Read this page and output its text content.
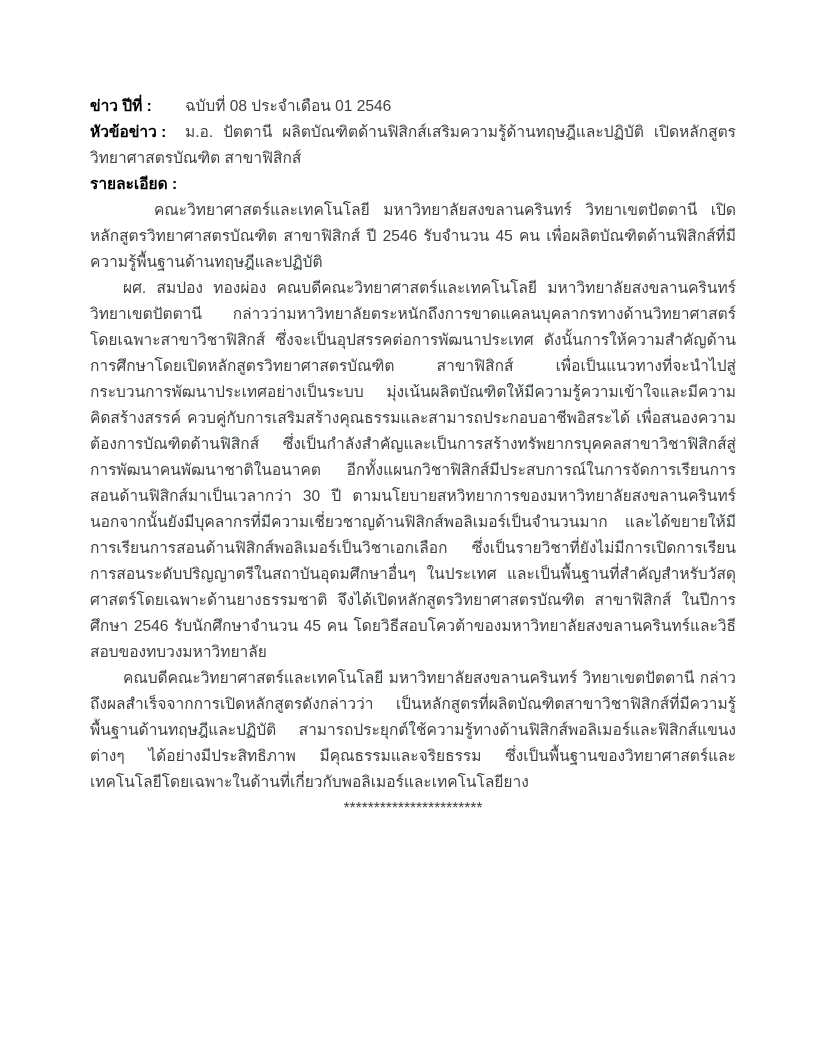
ข่าว ปีที่ : ฉบับที่ 08 ประจำเดือน 01 2546
หัวข้อข่าว : ม.อ. ปัตตานี ผลิตบัณฑิตด้านฟิสิกส์เสริมความรู้ด้านทฤษฎีและปฏิบัติ เปิดหลักสูตรวิทยาศาสตรบัณฑิต สาขาฟิสิกส์
รายละเอียด :

คณะวิทยาศาสตร์และเทคโนโลยี มหาวิทยาลัยสงขลานครินทร์ วิทยาเขตปัตตานี เปิดหลักสูตรวิทยาศาสตรบัณฑิต สาขาฟิสิกส์ ปี 2546 รับจำนวน 45 คน เพื่อผลิตบัณฑิตด้านฟิสิกส์ที่มีความรู้พื้นฐานด้านทฤษฎีและปฏิบัติ

ผศ. สมปอง ทองผ่อง คณบดีคณะวิทยาศาสตร์และเทคโนโลยี มหาวิทยาลัยสงขลานครินทร์ วิทยาเขตปัตตานี กล่าวว่ามหาวิทยาลัยตระหนักถึงการขาดแคลนบุคลากรทางด้านวิทยาศาสตร์โดยเฉพาะสาขาวิชาฟิสิกส์ ซึ่งจะเป็นอุปสรรคต่อการพัฒนาประเทศ ดังนั้นการให้ความสำคัญด้านการศึกษาโดยเปิดหลักสูตรวิทยาศาสตรบัณฑิต สาขาฟิสิกส์ เพื่อเป็นแนวทางที่จะนำไปสู่กระบวนการพัฒนาประเทศอย่างเป็นระบบ มุ่งเน้นผลิตบัณฑิตให้มีความรู้ความเข้าใจและมีความคิดสร้างสรรค์ ควบคู่กับการเสริมสร้างคุณธรรมและสามารถประกอบอาชีพอิสระได้ เพื่อสนองความต้องการบัณฑิตด้านฟิสิกส์ ซึ่งเป็นกำลังสำคัญและเป็นการสร้างทรัพยากรบุคคลสาขาวิชาฟิสิกส์สู่การพัฒนาคนพัฒนาชาติในอนาคต อีกทั้งแผนกวิชาฟิสิกส์มีประสบการณ์ในการจัดการเรียนการสอนด้านฟิสิกส์มาเป็นเวลากว่า 30 ปี ตามนโยบายสหวิทยาการของมหาวิทยาลัยสงขลานครินทร์ นอกจากนั้นยังมีบุคลากรที่มีความเชี่ยวชาญด้านฟิสิกส์พอลิเมอร์เป็นจำนวนมาก และได้ขยายให้มีการเรียนการสอนด้านฟิสิกส์พอลิเมอร์เป็นวิชาเอกเลือก ซึ่งเป็นรายวิชาที่ยังไม่มีการเปิดการเรียนการสอนระดับปริญญาตรีในสถาบันอุดมศึกษาอื่นๆ ในประเทศ และเป็นพื้นฐานที่สำคัญสำหรับวัสดุศาสตร์โดยเฉพาะด้านยางธรรมชาติ จึงได้เปิดหลักสูตรวิทยาศาสตรบัณฑิต สาขาฟิสิกส์ ในปีการศึกษา 2546 รับนักศึกษาจำนวน 45 คน โดยวิธีสอบโควต้าของมหาวิทยาลัยสงขลานครินทร์และวิธีสอบของทบวงมหาวิทยาลัย

คณบดีคณะวิทยาศาสตร์และเทคโนโลยี มหาวิทยาลัยสงขลานครินทร์ วิทยาเขตปัตตานี กล่าวถึงผลสำเร็จจากการเปิดหลักสูตรดังกล่าวว่า เป็นหลักสูตรที่ผลิตบัณฑิตสาขาวิชาฟิสิกส์ที่มีความรู้พื้นฐานด้านทฤษฎีและปฏิบัติ สามารถประยุกต์ใช้ความรู้ทางด้านฟิสิกส์พอลิเมอร์และฟิสิกส์แขนงต่างๆ ได้อย่างมีประสิทธิภาพ มีคุณธรรมและจริยธรรม ซึ่งเป็นพื้นฐานของวิทยาศาสตร์และเทคโนโลยีโดยเฉพาะในด้านที่เกี่ยวกับพอลิเมอร์และเทคโนโลยียาง

***********************
